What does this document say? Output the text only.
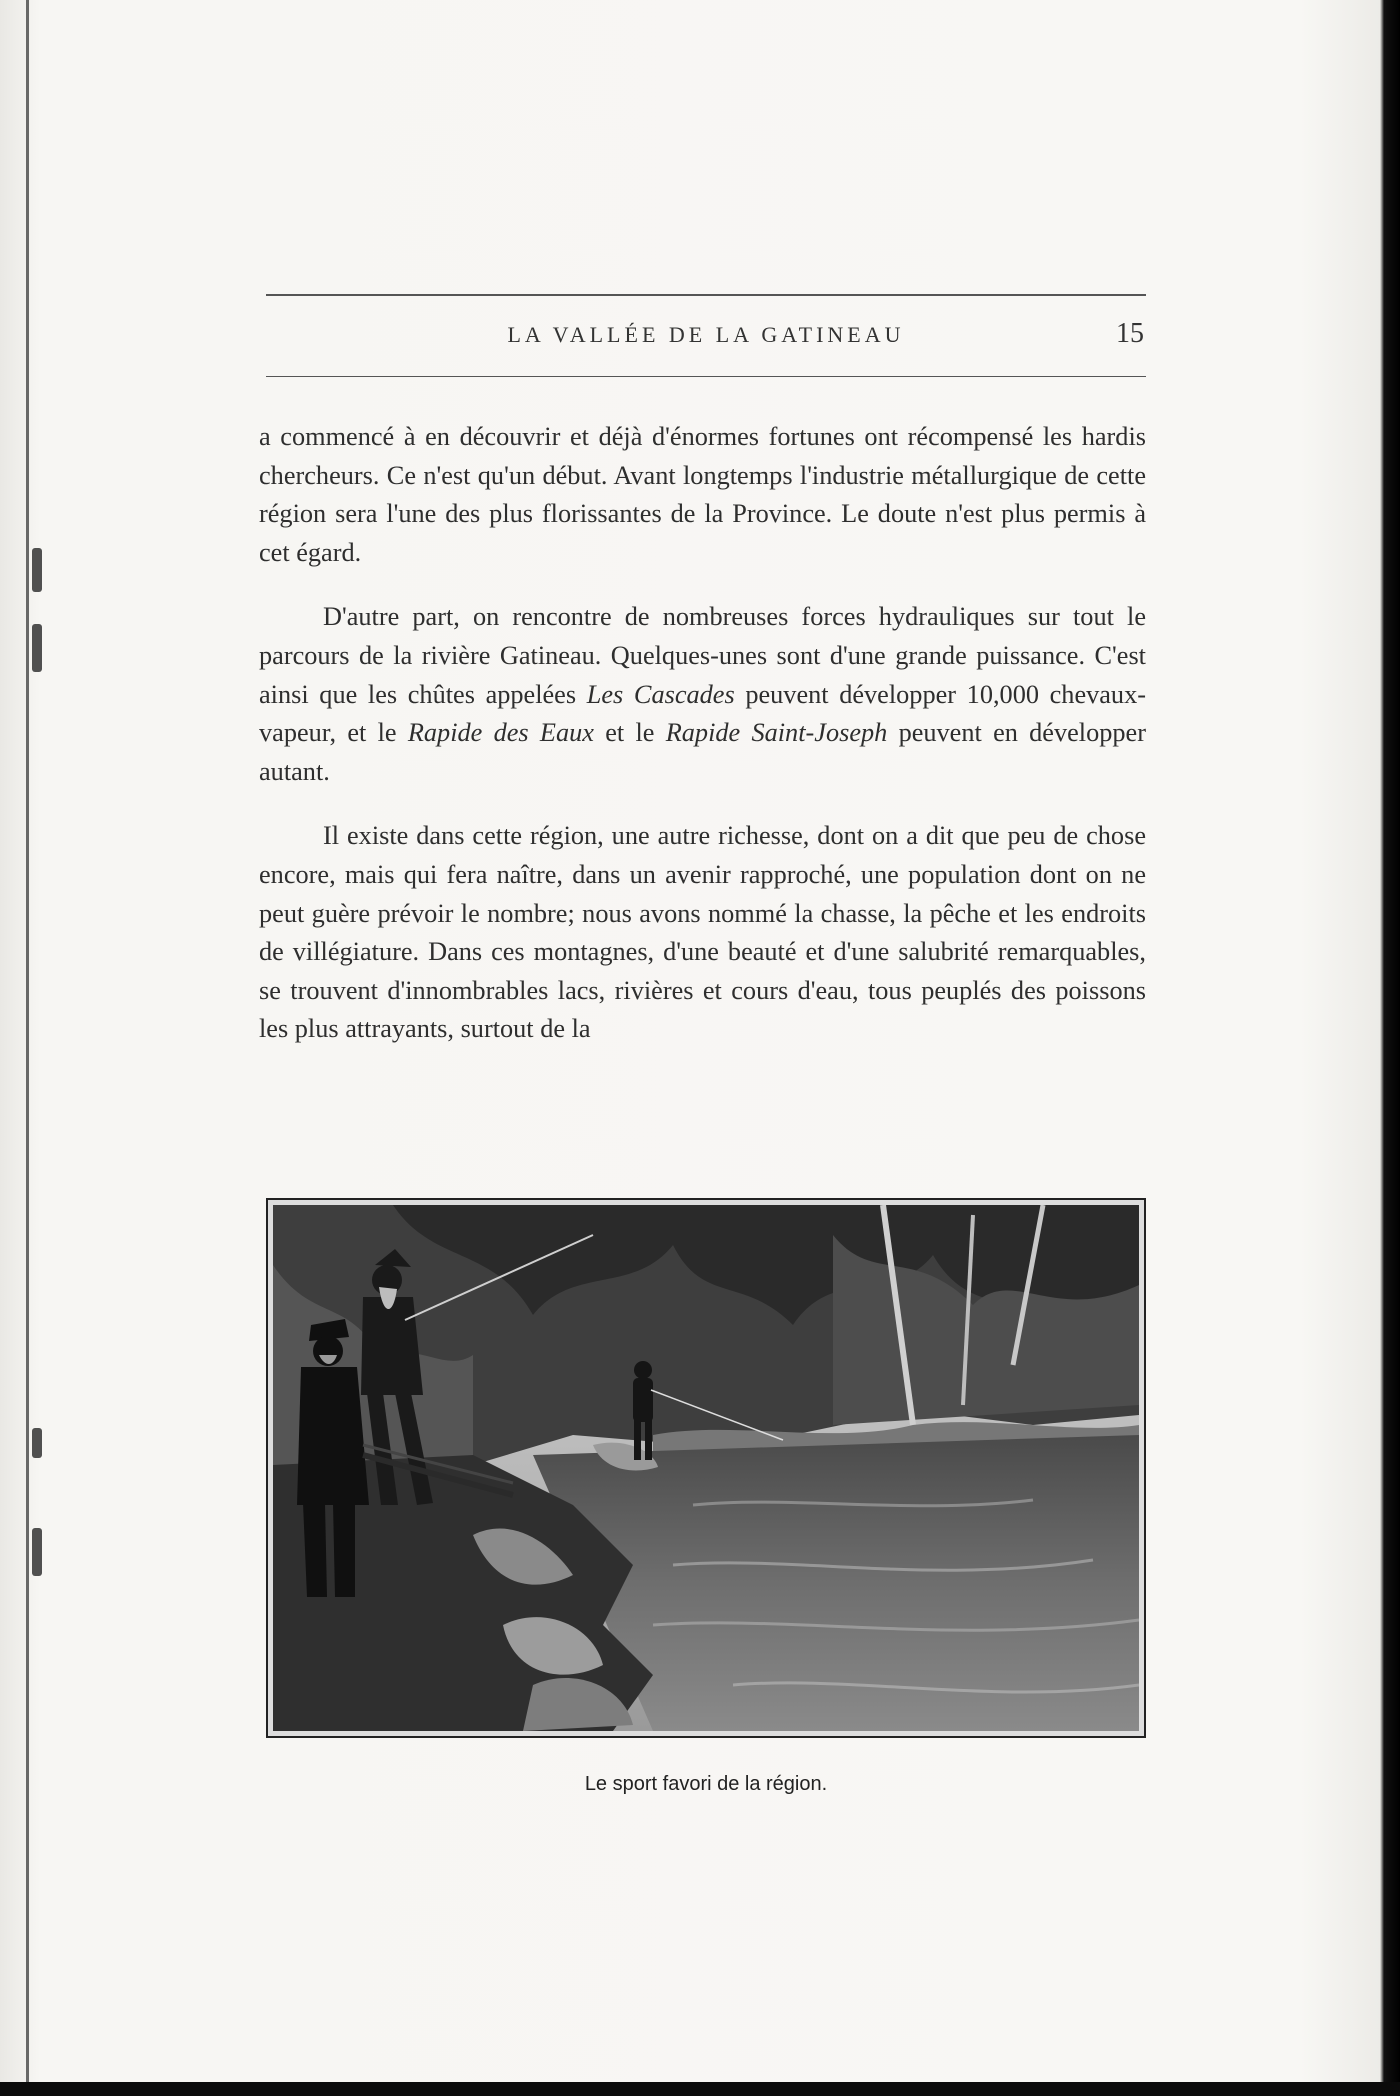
LA VALLÉE DE LA GATINEAU	15

a commencé à en découvrir et déjà d'énormes fortunes ont récompensé les hardis chercheurs. Ce n'est qu'un début. Avant longtemps l'industrie métallurgique de cette région sera l'une des plus florissantes de la Province. Le doute n'est plus permis à cet égard.

D'autre part, on rencontre de nombreuses forces hydrauliques sur tout le parcours de la rivière Gatineau. Quelques-unes sont d'une grande puissance. C'est ainsi que les chûtes appelées Les Cascades peuvent développer 10,000 chevaux-vapeur, et le Rapide des Eaux et le Rapide Saint-Joseph peuvent en développer autant.

Il existe dans cette région, une autre richesse, dont on a dit que peu de chose encore, mais qui fera naître, dans un avenir rapproché, une population dont on ne peut guère prévoir le nombre; nous avons nommé la chasse, la pêche et les endroits de villégiature. Dans ces montagnes, d'une beauté et d'une salubrité remarquables, se trouvent d'innombrables lacs, rivières et cours d'eau, tous peuplés des poissons les plus attrayants, surtout de la

Le sport favori de la région.
